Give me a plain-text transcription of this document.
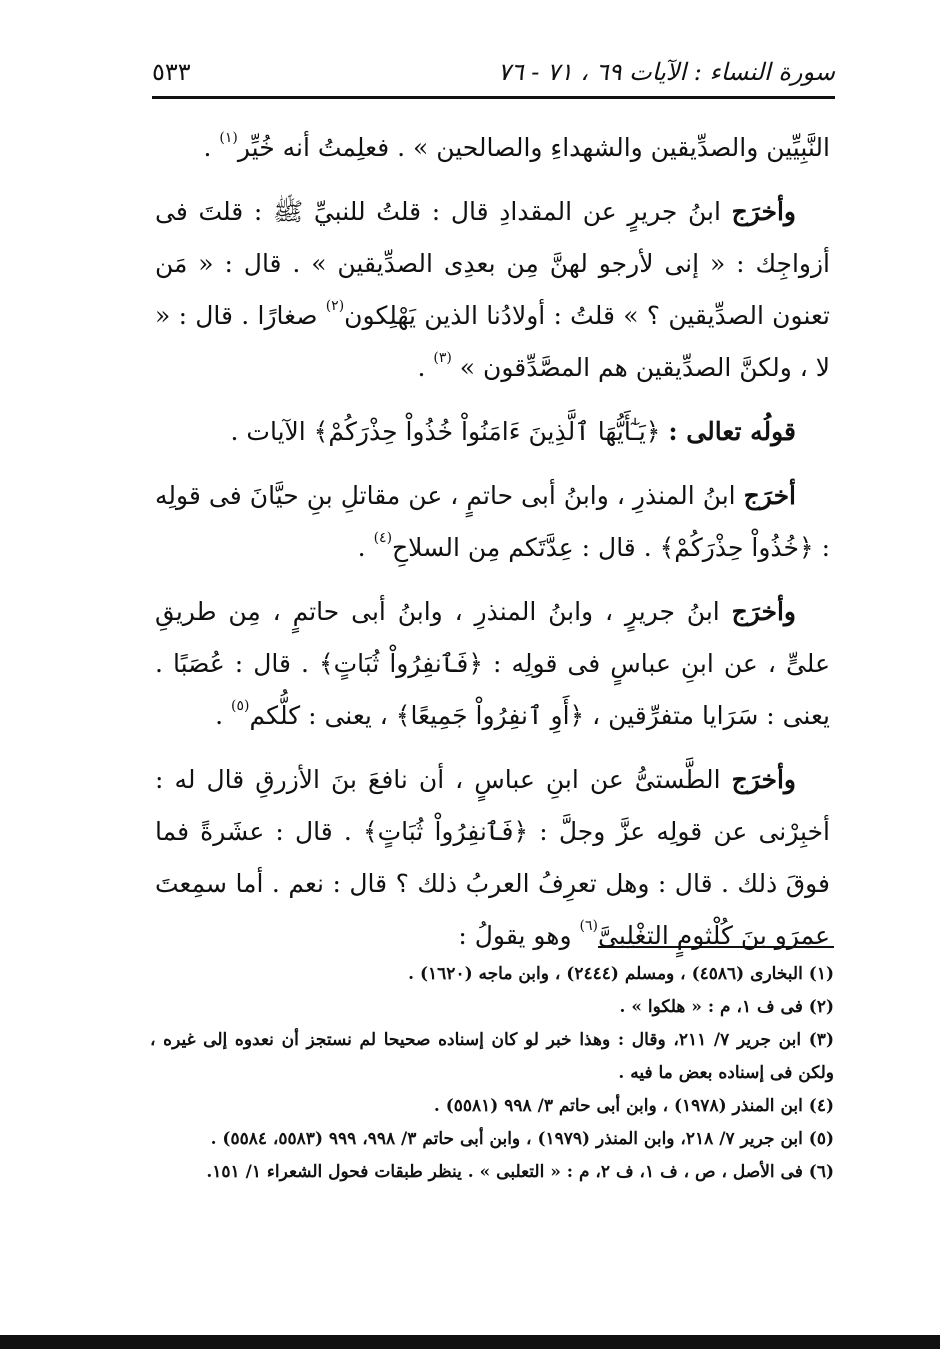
سورة النساء : الآيات ٦٩ ، ٧١ - ٧٦
٥٣٣

النَّبِيِّين والصدِّيقين والشهداءِ والصالحين » . فعلِمتُ أنه خُيِّر$^{(١)}$ .

وأخرَج ابنُ جريرٍ عن المقدادِ قال : قلتُ للنبيِّ ﷺ : قلتَ فى أزواجِك : « إنى لأرجو لهنَّ مِن بعدِى الصدِّيقين » . قال : « مَن تعنون الصدِّيقين ؟ » قلتُ : أولادُنا الذين يَهْلِكون$^{(٢)}$ صغارًا . قال : « لا ، ولكنَّ الصدِّيقين هم المصَّدِّقون » $^{(٣)}$ .

قولُه تعالى : ﴿يَـٰٓأَيُّهَا ٱلَّذِينَ ءَامَنُواْ خُذُواْ حِذْرَكُمْ﴾ الآيات .

أخرَج ابنُ المنذرِ ، وابنُ أبى حاتمٍ ، عن مقاتلِ بنِ حيَّانَ فى قولِه : ﴿خُذُواْ حِذْرَكُمْ﴾ . قال : عِدَّتَكم مِن السلاحِ$^{(٤)}$ .

وأخرَج ابنُ جريرٍ ، وابنُ المنذرِ ، وابنُ أبى حاتمٍ ، مِن طريقِ علىٍّ ، عن ابنِ عباسٍ فى قولِه : ﴿فَٱنفِرُواْ ثُبَاتٍ﴾ . قال : عُصَبًا . يعنى : سَرَايا متفرِّقين ، ﴿أَوِ ٱنفِرُواْ جَمِيعًا﴾ ، يعنى : كلُّكم$^{(٥)}$ .

وأخرَج الطَّستىُّ عن ابنِ عباسٍ ، أن نافعَ بنَ الأزرقِ قال له : أخبِرْنى عن قولِه عزَّ وجلَّ : ﴿فَٱنفِرُواْ ثُبَاتٍ﴾ . قال : عشَرةً فما فوقَ ذلك . قال : وهل تعرِفُ العربُ ذلك ؟ قال : نعم . أما سمِعتَ عمرَو بنَ كُلْثومٍ التغْلِبىَّ$^{(٦)}$ وهو يقولُ :

(١) البخارى (٤٥٨٦) ، ومسلم (٢٤٤٤) ، وابن ماجه (١٦٢٠) .

(٢) فى ف ١، م : « هلكوا » .

(٣) ابن جرير ٧/ ٢١١، وقال : وهذا خبر لو كان إسناده صحيحا لم نستجز أن نعدوه إلى غيره ، ولكن فى إسناده بعض ما فيه .

(٤) ابن المنذر (١٩٧٨) ، وابن أبى حاتم ٣/ ٩٩٨ (٥٥٨١) .

(٥) ابن جرير ٧/ ٢١٨، وابن المنذر (١٩٧٩) ، وابن أبى حاتم ٣/ ٩٩٨، ٩٩٩ (٥٥٨٣، ٥٥٨٤) .

(٦) فى الأصل ، ص ، ف ١، ف ٢، م : « التعلبى » . ينظر طبقات فحول الشعراء ١/ ١٥١.
